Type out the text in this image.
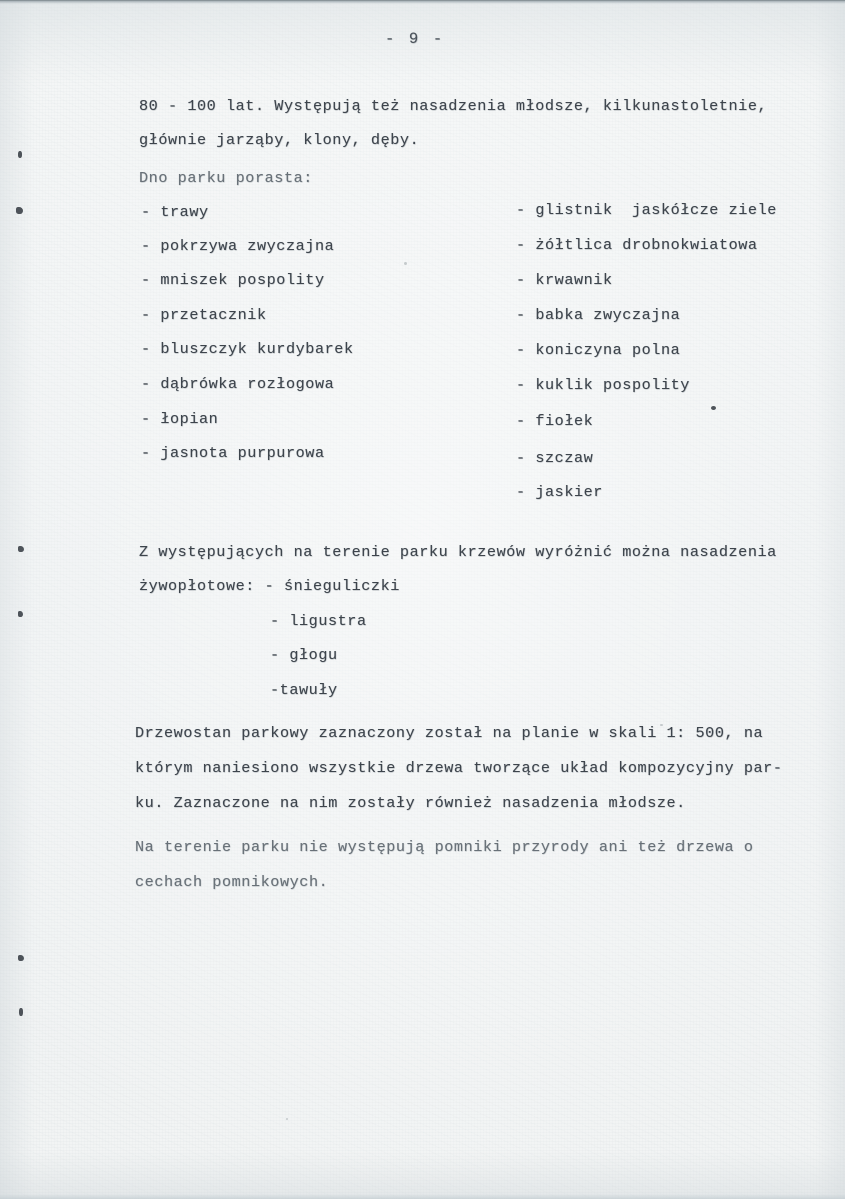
- 9 -
80 - 100 lat. Występują też nasadzenia młodsze, kilkunastoletnie,
głównie jarząby, klony, dęby.
Dno parku porasta:
- trawy
- pokrzywa zwyczajna
- mniszek pospolity
- przetacznik
- bluszczyk kurdybarek
- dąbrówka rozłogowa
- łopian
- jasnota purpurowa
- glistnik  jaskółcze ziele
- żółtlica drobnokwiatowa
- krwawnik
- babka zwyczajna
- koniczyna polna
- kuklik pospolity
- fiołek
- szczaw
- jaskier
Z występujących na terenie parku krzewów wyróżnić można nasadzenia
żywopłotowe: - śnieguliczki
- ligustra
- głogu
-tawuły
Drzewostan parkowy zaznaczony został na planie w skali 1: 500, na
którym naniesiono wszystkie drzewa tworzące układ kompozycyjny par-
ku. Zaznaczone na nim zostały również nasadzenia młodsze.
Na terenie parku nie występują pomniki przyrody ani też drzewa o
cechach pomnikowych.
